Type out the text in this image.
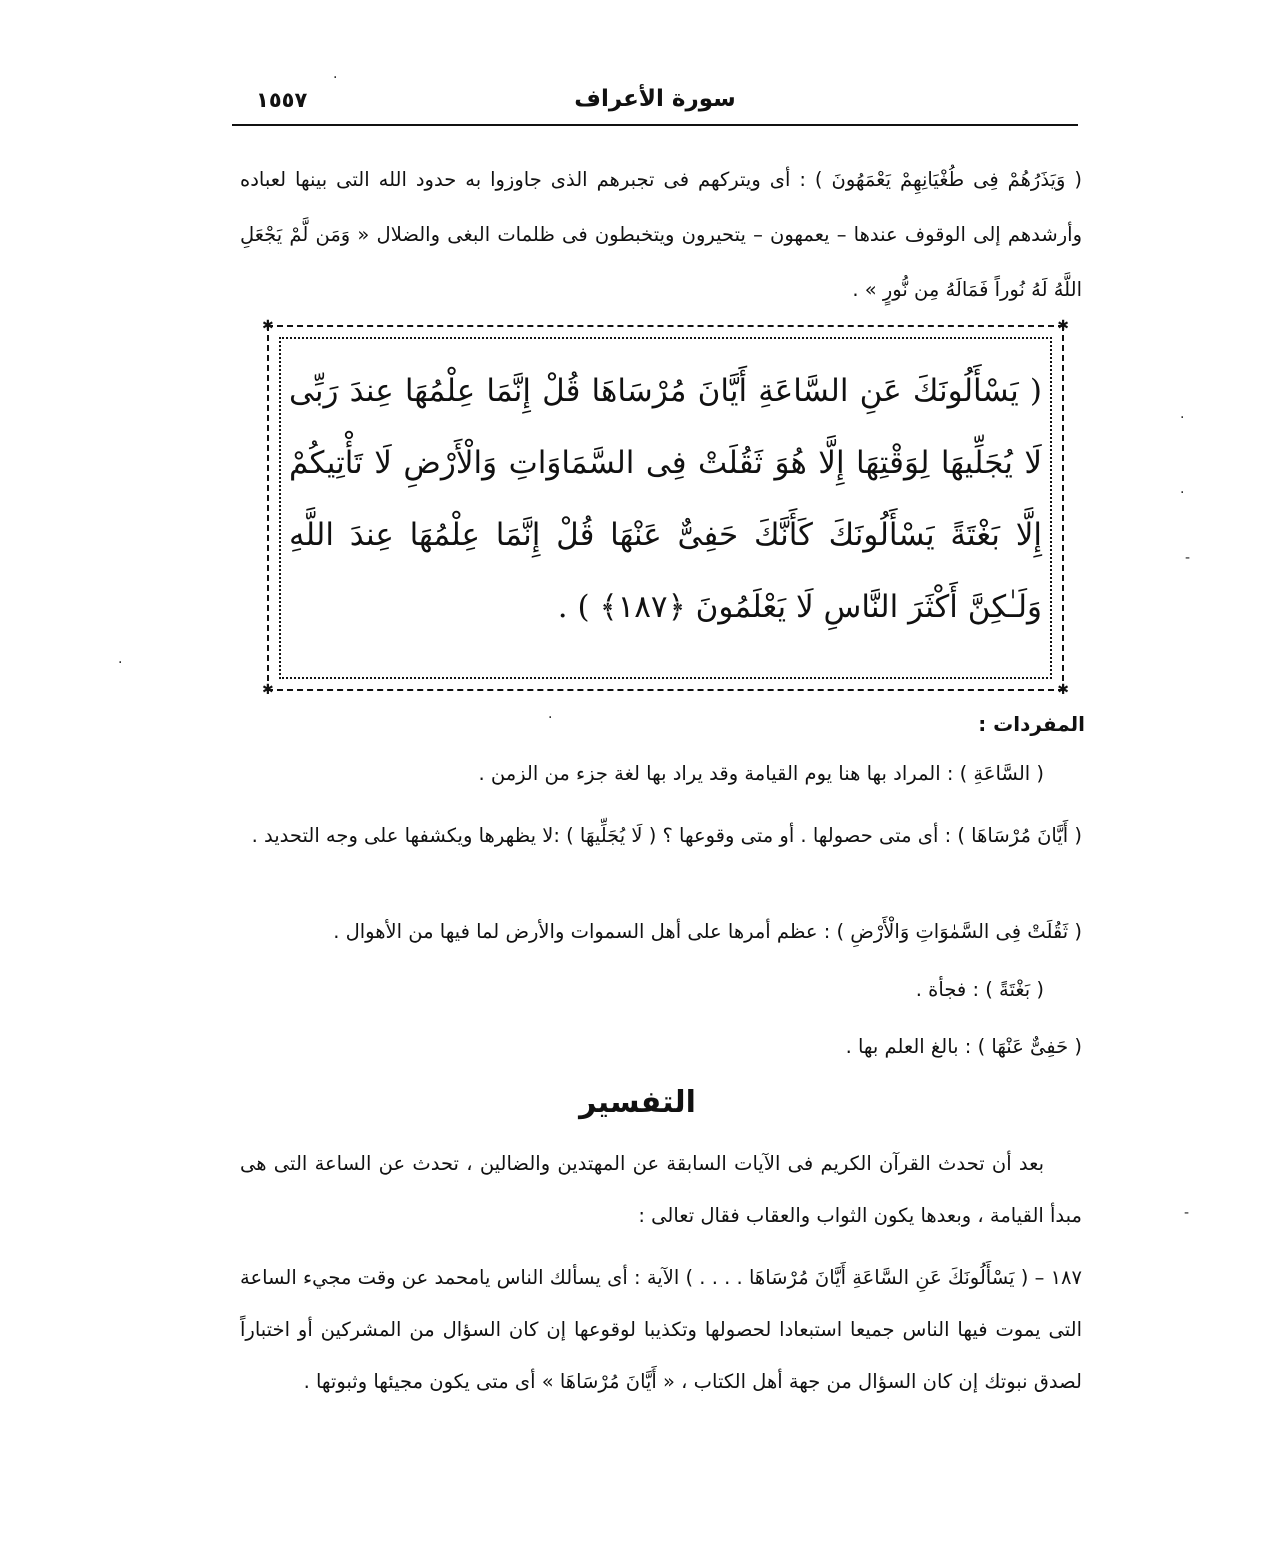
سورة الأعراف
١٥٥٧
( وَيَذَرُهُمْ فِى طُغْيَانِهِمْ يَعْمَهُونَ ) : أى ويتركهم فى تجبرهم الذى جاوزوا به حدود الله التى بينها لعباده وأرشدهم إلى الوقوف عندها – يعمهون – يتحيرون ويتخبطون فى ظلمات البغى والضلال « وَمَن لَّمْ يَجْعَلِ اللَّهُ لَهُ نُوراً فَمَالَهُ مِن نُّورٍ » .
✱	✱
✱	✱
( يَسْأَلُونَكَ عَنِ السَّاعَةِ أَيَّانَ مُرْسَاهَا قُلْ إِنَّمَا عِلْمُهَا عِندَ رَبِّى لَا يُجَلِّيهَا لِوَقْتِهَا إِلَّا هُوَ ثَقُلَتْ فِى السَّمَاوَاتِ وَالْأَرْضِ لَا تَأْتِيكُمْ إِلَّا بَغْتَةً يَسْأَلُونَكَ كَأَنَّكَ حَفِىٌّ عَنْهَا قُلْ إِنَّمَا عِلْمُهَا عِندَ اللَّهِ وَلَـٰكِنَّ أَكْثَرَ النَّاسِ لَا يَعْلَمُونَ ﴿١٨٧﴾ ) .
المفردات :
( السَّاعَةِ ) : المراد بها هنا يوم القيامة وقد يراد بها لغة جزء من الزمن .
( أَيَّانَ مُرْسَاهَا ) : أى متى حصولها . أو متى وقوعها ؟ ( لَا يُجَلِّيهَا ) :لا يظهرها ويكشفها على وجه التحديد .
( ثَقُلَتْ فِى السَّمٰوَاتِ وَالْأَرْضِ ) : عظم أمرها على أهل السموات والأرض لما فيها من الأهوال .
( بَغْتَةً ) : فجأة .
( حَفِىٌّ عَنْهَا ) : بالغ العلم بها .
التفسير
بعد أن تحدث القرآن الكريم فى الآيات السابقة عن المهتدين والضالين ، تحدث عن الساعة التى هى مبدأ القيامة ، وبعدها يكون الثواب والعقاب فقال تعالى :
١٨٧ – ( يَسْأَلُونَكَ عَنِ السَّاعَةِ أَيَّانَ مُرْسَاهَا . . . . ) الآية : أى يسألك الناس يامحمد عن وقت مجيء الساعة التى يموت فيها الناس جميعا استبعادا لحصولها وتكذيبا لوقوعها إن كان السؤال من المشركين أو اختباراً لصدق نبوتك إن كان السؤال من جهة أهل الكتاب ، « أَيَّانَ مُرْسَاهَا » أى متى يكون مجيئها وثبوتها .
·
·
·
-
·
-
·
